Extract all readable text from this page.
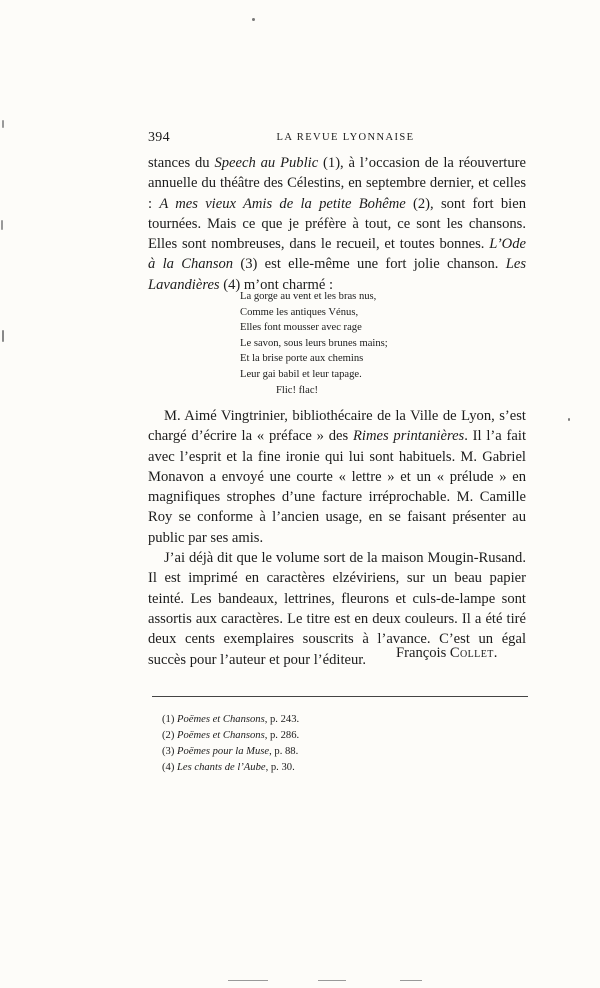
394	LA REVUE LYONNAISE

stances du Speech au Public (1), à l’occasion de la réouverture annuelle du théâtre des Célestins, en septembre dernier, et celles : A mes vieux Amis de la petite Bohême (2), sont fort bien tournées. Mais ce que je préfère à tout, ce sont les chansons. Elles sont nombreuses, dans le recueil, et toutes bonnes. L’Ode à la Chanson (3) est elle-même une fort jolie chanson. Les Lavandières (4) m’ont charmé :

La gorge au vent et les bras nus,
Comme les antiques Vénus,
Elles font mousser avec rage
Le savon, sous leurs brunes mains;
Et la brise porte aux chemins
Leur gai babil et leur tapage.
Flic! flac!

M. Aimé Vingtrinier, bibliothécaire de la Ville de Lyon, s’est chargé d’écrire la « préface » des Rimes printanières. Il l’a fait avec l’esprit et la fine ironie qui lui sont habituels. M. Gabriel Monavon a envoyé une courte « lettre » et un « prélude » en magnifiques strophes d’une facture irréprochable. M. Camille Roy se conforme à l’ancien usage, en se faisant présenter au public par ses amis.

J’ai déjà dit que le volume sort de la maison Mougin-Rusand. Il est imprimé en caractères elzéviriens, sur un beau papier teinté. Les bandeaux, lettrines, fleurons et culs-de-lampe sont assortis aux caractères. Le titre est en deux couleurs. Il a été tiré deux cents exemplaires souscrits à l’avance. C’est un égal succès pour l’auteur et pour l’éditeur.	François Collet.
(1) Poëmes et Chansons, p. 243.
(2) Poëmes et Chansons, p. 286.
(3) Poëmes pour la Muse, p. 88.
(4) Les chants de l’Aube, p. 30.
